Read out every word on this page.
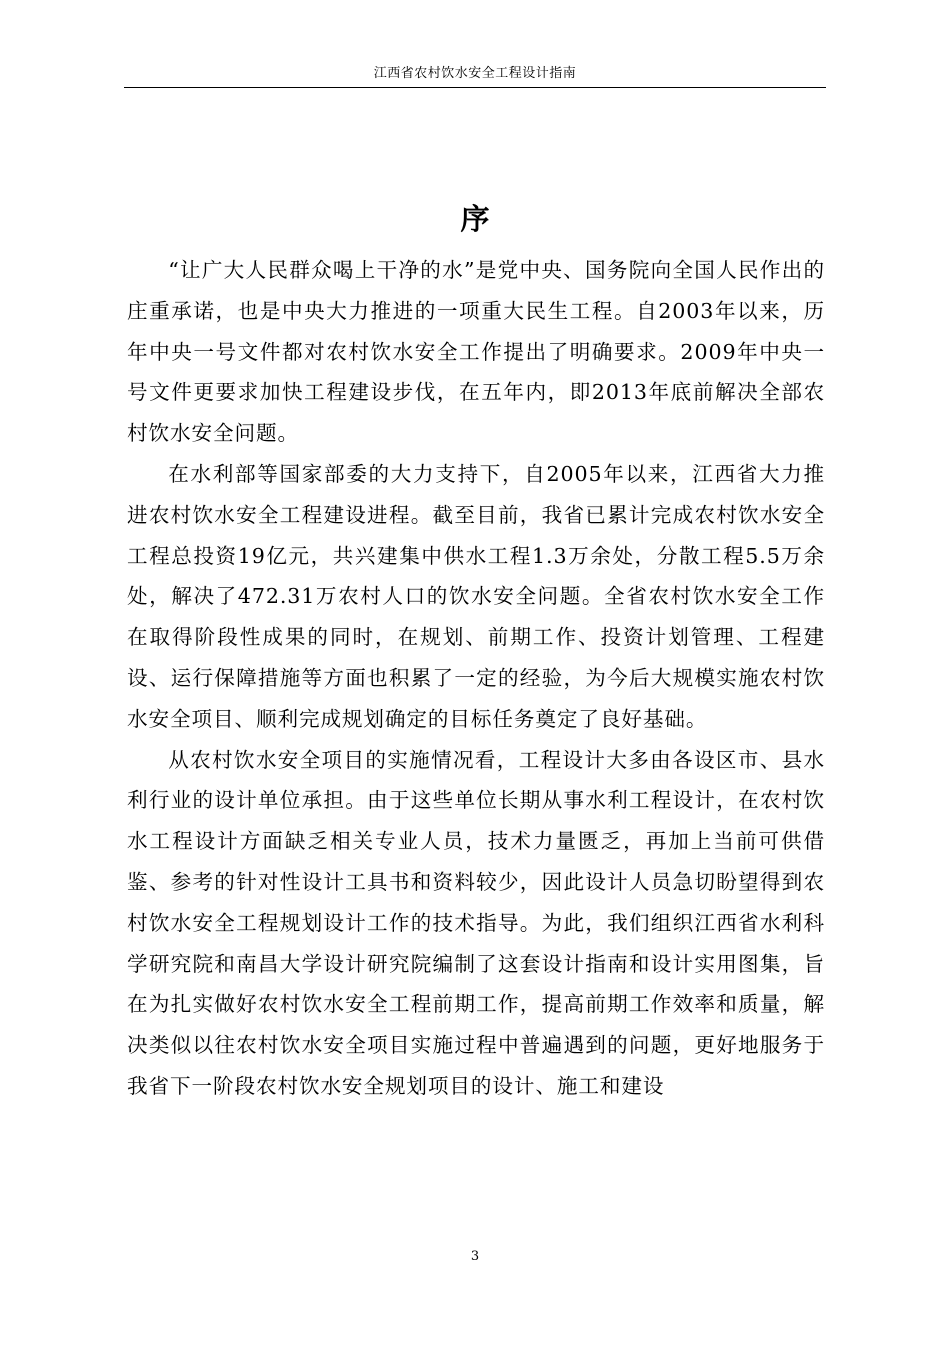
江西省农村饮水安全工程设计指南
序

“让广大人民群众喝上干净的水”是党中央、国务院向全国人民作出的庄重承诺，也是中央大力推进的一项重大民生工程。自2003年以来，历年中央一号文件都对农村饮水安全工作提出了明确要求。2009年中央一号文件更要求加快工程建设步伐，在五年内，即2013年底前解决全部农村饮水安全问题。

在水利部等国家部委的大力支持下，自2005年以来，江西省大力推进农村饮水安全工程建设进程。截至目前，我省已累计完成农村饮水安全工程总投资19亿元，共兴建集中供水工程1.3万余处，分散工程5.5万余处，解决了472.31万农村人口的饮水安全问题。全省农村饮水安全工作在取得阶段性成果的同时，在规划、前期工作、投资计划管理、工程建设、运行保障措施等方面也积累了一定的经验，为今后大规模实施农村饮水安全项目、顺利完成规划确定的目标任务奠定了良好基础。

从农村饮水安全项目的实施情况看，工程设计大多由各设区市、县水利行业的设计单位承担。由于这些单位长期从事水利工程设计，在农村饮水工程设计方面缺乏相关专业人员，技术力量匮乏，再加上当前可供借鉴、参考的针对性设计工具书和资料较少，因此设计人员急切盼望得到农村饮水安全工程规划设计工作的技术指导。为此，我们组织江西省水利科学研究院和南昌大学设计研究院编制了这套设计指南和设计实用图集，旨在为扎实做好农村饮水安全工程前期工作，提高前期工作效率和质量，解决类似以往农村饮水安全项目实施过程中普遍遇到的问题，更好地服务于我省下一阶段农村饮水安全规划项目的设计、施工和建设

3
